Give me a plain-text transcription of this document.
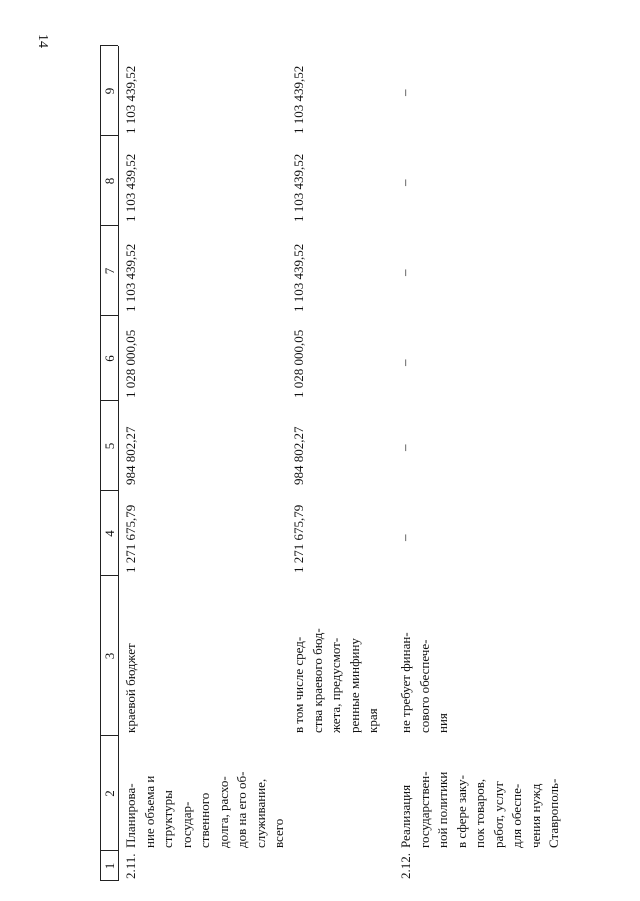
14
1
2
3
4
5
6
7
8
9
2.11.

Планирова- ние объема и структуры государ- ственного долга, расхо- дов на его об- служивание, всего

краевой бюджет

1 271 675,79
984 802,27
1 028 000,05
1 103 439,52
1 103 439,52
1 103 439,52

в том числе сред- ства краевого бюд- жета, предусмот- ренные минфину края

1 271 675,79
984 802,27
1 028 000,05
1 103 439,52
1 103 439,52
1 103 439,52
2.12.

Реализация государствен- ной политики в сфере заку- пок товаров, работ, услуг для обеспе- чения нужд Ставрополь-

не требует финан- сового обеспече- ния

–
–
–
–
–
–
